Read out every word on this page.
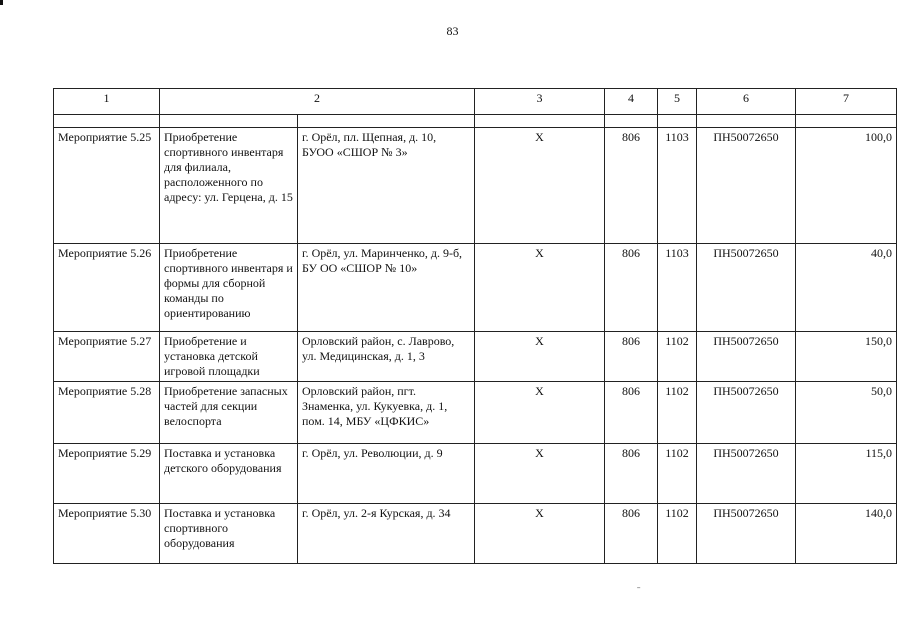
83
1	2		3	4	5	6	7

Мероприятие 5.25	Приобретение спортивного инвентаря для филиала, расположенного по адресу: ул. Герцена, д. 15	г. Орёл, пл. Щепная, д. 10, БУОО «СШОР № 3»	Х	806	1103	ПН50072650	100,0
Мероприятие 5.26	Приобретение спортивного инвентаря и формы для сборной команды по ориентированию	г. Орёл, ул. Маринченко, д. 9-б, БУ ОО «СШОР № 10»	Х	806	1103	ПН50072650	40,0
Мероприятие 5.27	Приобретение и установка детской игровой площадки	Орловский район, с. Лаврово, ул. Медицинская, д. 1, 3	Х	806	1102	ПН50072650	150,0
Мероприятие 5.28	Приобретение запасных частей для секции велоспорта	Орловский район, пгт. Знаменка, ул. Кукуевка, д. 1, пом. 14, МБУ «ЦФКИС»	Х	806	1102	ПН50072650	50,0
Мероприятие 5.29	Поставка и установка детского оборудования	г. Орёл, ул. Революции, д. 9	Х	806	1102	ПН50072650	115,0
Мероприятие 5.30	Поставка и установка спортивного оборудования	г. Орёл, ул. 2-я Курская, д. 34	Х	806	1102	ПН50072650	140,0
ˉ
